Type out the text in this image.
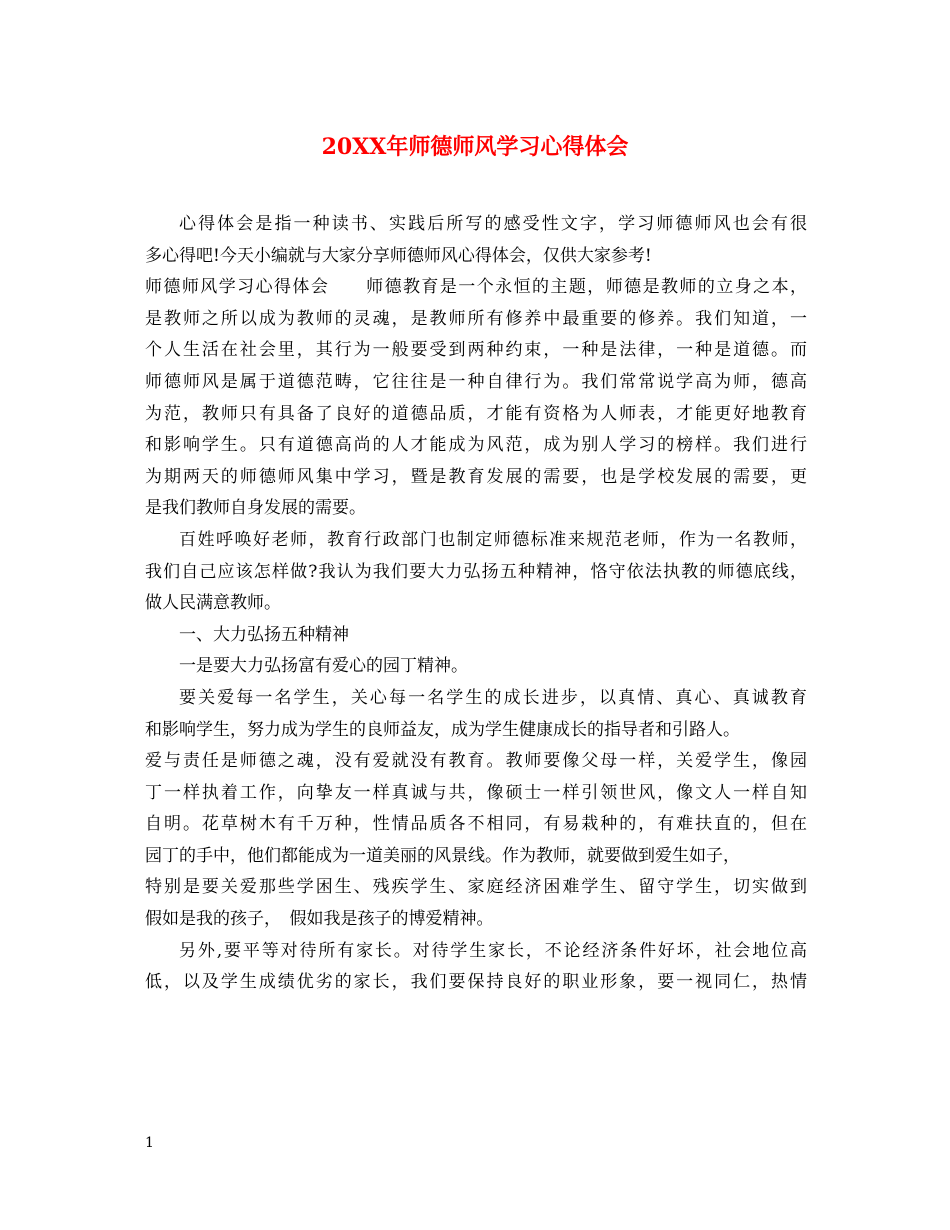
20XX年师德师风学习心得体会
心得体会是指一种读书、实践后所写的感受性文字，学习师德师风也会有很
多心得吧!今天小编就与大家分享师德师风心得体会，仅供大家参考!
师德师风学习心得体会　　师德教育是一个永恒的主题，师德是教师的立身之本，
是教师之所以成为教师的灵魂，是教师所有修养中最重要的修养。我们知道，一
个人生活在社会里，其行为一般要受到两种约束，一种是法律，一种是道德。而
师德师风是属于道德范畴，它往往是一种自律行为。我们常常说学高为师，德高
为范，教师只有具备了良好的道德品质，才能有资格为人师表，才能更好地教育
和影响学生。只有道德高尚的人才能成为风范，成为别人学习的榜样。我们进行
为期两天的师德师风集中学习，暨是教育发展的需要，也是学校发展的需要，更
是我们教师自身发展的需要。
百姓呼唤好老师，教育行政部门也制定师德标准来规范老师，作为一名教师，
我们自己应该怎样做?我认为我们要大力弘扬五种精神，恪守依法执教的师德底线，
做人民满意教师。
一、大力弘扬五种精神
一是要大力弘扬富有爱心的园丁精神。
要关爱每一名学生，关心每一名学生的成长进步，以真情、真心、真诚教育
和影响学生，努力成为学生的良师益友，成为学生健康成长的指导者和引路人。
爱与责任是师德之魂，没有爱就没有教育。教师要像父母一样，关爱学生，像园
丁一样执着工作，向挚友一样真诚与共，像硕士一样引领世风，像文人一样自知
自明。花草树木有千万种，性情品质各不相同，有易栽种的，有难扶直的，但在
园丁的手中，他们都能成为一道美丽的风景线。作为教师，就要做到爱生如子，
特别是要关爱那些学困生、残疾学生、家庭经济困难学生、留守学生，切实做到
假如是我的孩子，　假如我是孩子的博爱精神。
另外,要平等对待所有家长。对待学生家长，不论经济条件好坏，社会地位高
低，以及学生成绩优劣的家长，我们要保持良好的职业形象，要一视同仁，热情
1
